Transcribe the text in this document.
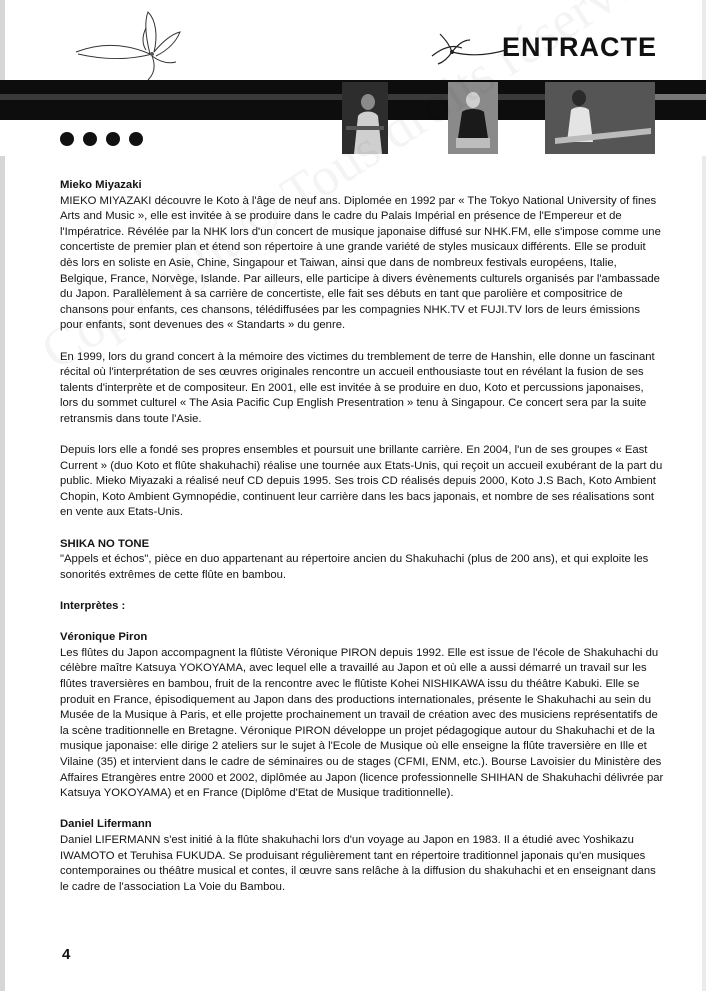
ENTRACTE
Mieko Miyazaki

MIEKO MIYAZAKI découvre le Koto à l'âge de neuf ans. Diplomée en 1992 par « The Tokyo National University of fines Arts and Music », elle est invitée à se produire dans le cadre du Palais Impérial en présence de l'Empereur et de l'Impératrice. Révélée par la NHK lors d'un concert de musique japonaise diffusé sur NHK.FM, elle s'impose comme une concertiste de premier plan et étend son répertoire à une grande variété de styles musicaux différents. Elle se produit dès lors en soliste en Asie, Chine, Singapour et Taiwan, ainsi que dans de nombreux festivals européens, Italie, Belgique, France, Norvège, Islande. Par ailleurs, elle participe à divers évènements culturels organisés par l'ambassade du Japon. Parallèlement à sa carrière de concertiste, elle fait ses débuts en tant que parolière et compositrice de chansons pour enfants, ces chansons, télédiffusées par les compagnies NHK.TV et FUJI.TV lors de leurs émissions pour enfants, sont devenues des « Standarts » du genre.

En 1999, lors du grand concert à la mémoire des victimes du tremblement de terre de Hanshin, elle donne un fascinant récital où l'interprétation de ses œuvres originales rencontre un accueil enthousiaste tout en révélant la fusion de ses talents d'interprète et de compositeur. En 2001, elle est invitée à se produire en duo, Koto et percussions japonaises, lors du sommet culturel « The Asia Pacific Cup English Presentration » tenu à Singapour. Ce concert sera par la suite retransmis dans toute l'Asie.

Depuis lors elle a fondé ses propres ensembles et poursuit une brillante carrière. En 2004, l'un de ses groupes « East Current » (duo Koto et flûte shakuhachi) réalise une tournée aux Etats-Unis, qui reçoit un accueil exubérant de la part du public. Mieko Miyazaki a réalisé neuf CD depuis 1995. Ses trois CD réalisés depuis 2000, Koto J.S Bach, Koto Ambient Chopin, Koto Ambient Gymnopédie, continuent leur carrière dans les bacs japonais, et nombre de ses réalisations sont en vente aux Etats-Unis.

SHIKA NO TONE

"Appels et échos", pièce en duo appartenant au répertoire ancien du Shakuhachi (plus de 200 ans), et qui exploite les sonorités extrêmes de cette flûte en bambou.

Interprètes :
Véronique Piron

Les flûtes du Japon accompagnent la flûtiste Véronique PIRON depuis 1992. Elle est issue de l'école de Shakuhachi du célèbre maître Katsuya YOKOYAMA, avec lequel elle a travaillé au Japon et où elle a aussi démarré un travail sur les flûtes traversières en bambou, fruit de la rencontre avec le flûtiste Kohei NISHIKAWA issu du théâtre Kabuki. Elle se produit en France, épisodiquement au Japon dans des productions internationales, présente le Shakuhachi au sein du Musée de la Musique à Paris, et elle projette prochainement un travail de création avec des musiciens représentatifs de la scène traditionnelle en Bretagne. Véronique PIRON développe un projet pédagogique autour du Shakuhachi et de la musique japonaise: elle dirige 2 ateliers sur le sujet à l'Ecole de Musique où elle enseigne la flûte traversière en Ille et Vilaine (35) et intervient dans le cadre de séminaires ou de stages (CFMI, ENM, etc.). Bourse Lavoisier du Ministère des Affaires Etrangères entre 2000 et 2002, diplômée au Japon (licence professionnelle SHIHAN de Shakuhachi délivrée par Katsuya YOKOYAMA) et en France (Diplôme d'Etat de Musique traditionnelle).

Daniel Lifermann

Daniel LIFERMANN s'est initié à la flûte shakuhachi lors d'un voyage au Japon en 1983. Il a étudié avec Yoshikazu IWAMOTO et Teruhisa FUKUDA. Se produisant régulièrement tant en répertoire traditionnel japonais qu'en musiques contemporaines ou théâtre musical et contes, il œuvre sans relâche à la diffusion du shakuhachi et en enseignant dans le cadre de l'association La Voie du Bambou.

4
